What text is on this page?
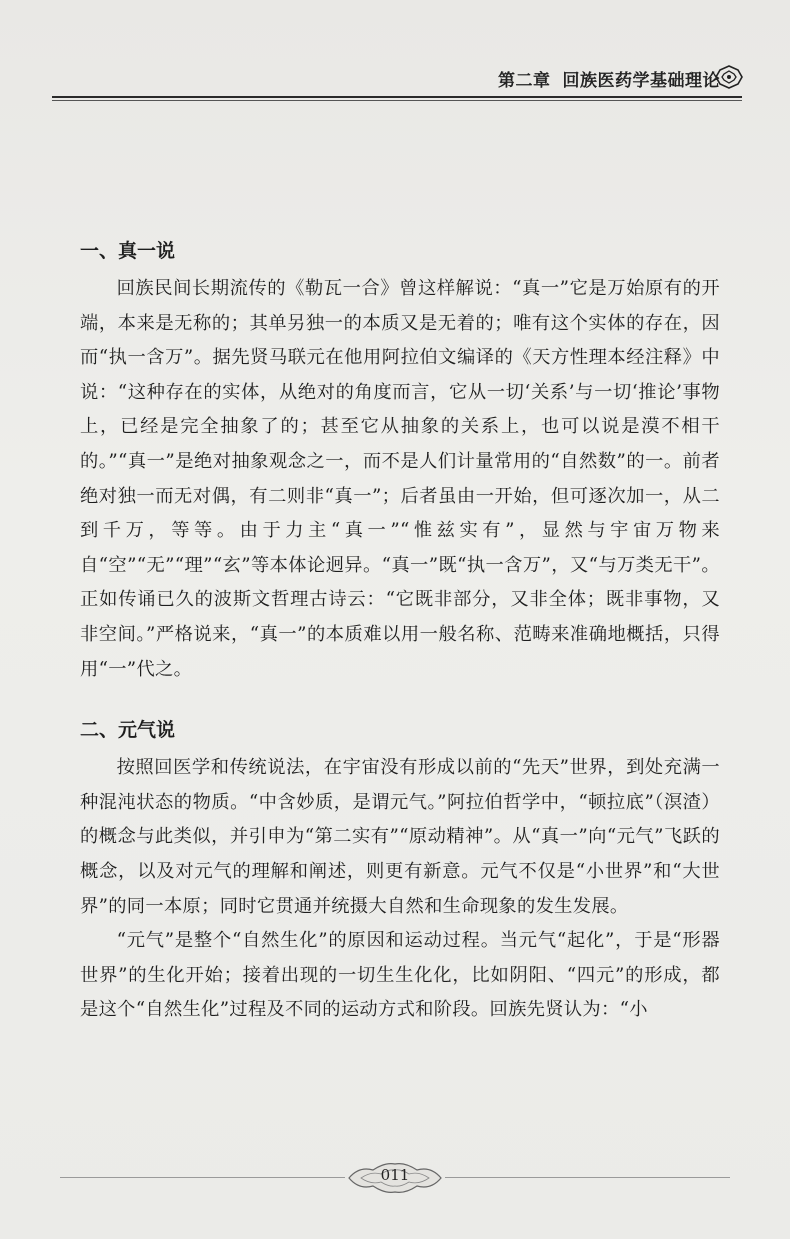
第二章 回族医药学基础理论
一、真一说

回族民间长期流传的《勒瓦一合》曾这样解说：“真一”它是万始原有的开端，本来是无称的；其单另独一的本质又是无着的；唯有这个实体的存在，因而“执一含万”。据先贤马联元在他用阿拉伯文编译的《天方性理本经注释》中说：“这种存在的实体，从绝对的角度而言，它从一切‘关系’与一切‘推论’事物上，已经是完全抽象了的；甚至它从抽象的关系上，也可以说是漠不相干的。”“真一”是绝对抽象观念之一，而不是人们计量常用的“自然数”的一。前者绝对独一而无对偶，有二则非“真一”；后者虽由一开始，但可逐次加一，从二到千万，等等。由于力主“真一”“惟兹实有”，显然与宇宙万物来自“空”“无”“理”“玄”等本体论迥异。“真一”既“执一含万”，又“与万类无干”。正如传诵已久的波斯文哲理古诗云：“它既非部分，又非全体；既非事物，又非空间。”严格说来，“真一”的本质难以用一般名称、范畴来准确地概括，只得用“一”代之。

二、元气说

按照回医学和传统说法，在宇宙没有形成以前的“先天”世界，到处充满一种混沌状态的物质。“中含妙质，是谓元气。”阿拉伯哲学中，“顿拉底”（溟渣）的概念与此类似，并引申为“第二实有”“原动精神”。从“真一”向“元气”飞跃的概念，以及对元气的理解和阐述，则更有新意。元气不仅是“小世界”和“大世界”的同一本原；同时它贯通并统摄大自然和生命现象的发生发展。

“元气”是整个“自然生化”的原因和运动过程。当元气“起化”，于是“形器世界”的生化开始；接着出现的一切生生化化，比如阴阳、“四元”的形成，都是这个“自然生化”过程及不同的运动方式和阶段。回族先贤认为：“小

011
